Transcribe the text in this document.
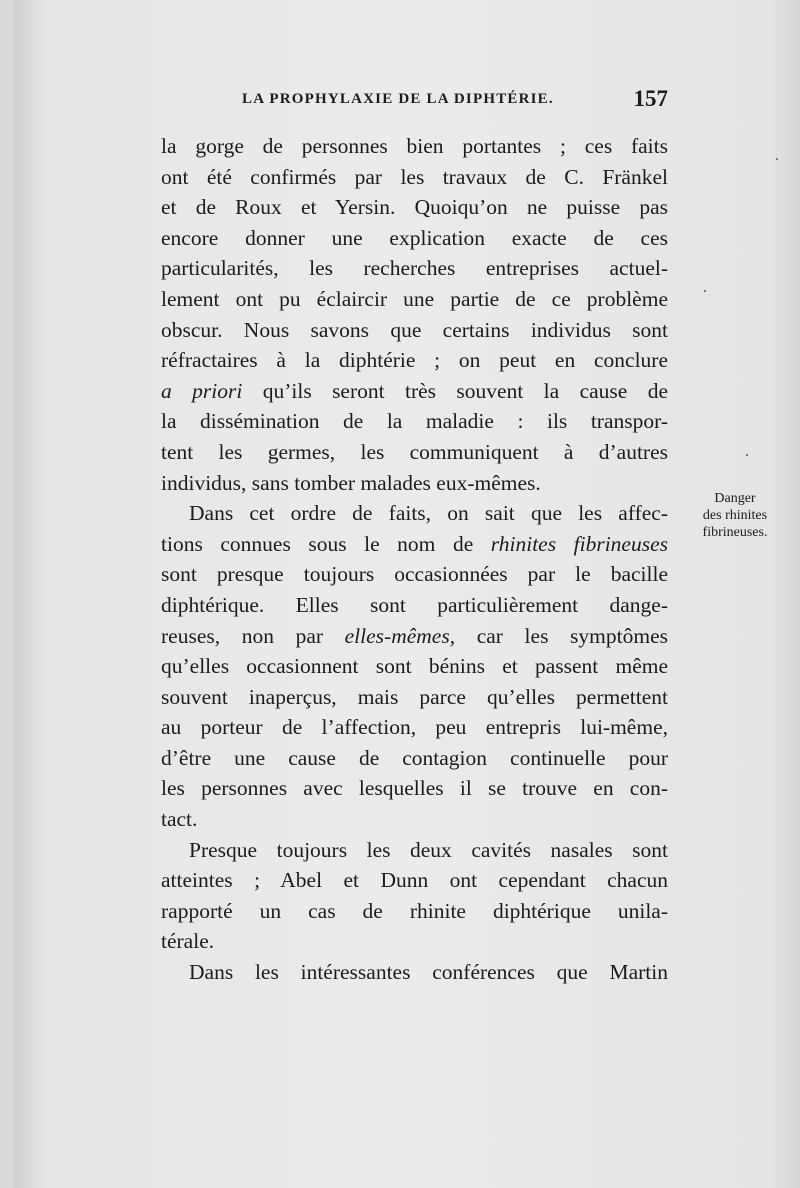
LA PROPHYLAXIE DE LA DIPHTÉRIE.	157
la gorge de personnes bien portantes ; ces faits
ont été confirmés par les travaux de C. Fränkel
et de Roux et Yersin. Quoiqu’on ne puisse pas
encore donner une explication exacte de ces
particularités, les recherches entreprises actuel-
lement ont pu éclaircir une partie de ce problème
obscur. Nous savons que certains individus sont
réfractaires à la diphtérie ; on peut en conclure
a priori qu’ils seront très souvent la cause de
la dissémination de la maladie : ils transpor-
tent les germes, les communiquent à d’autres
individus, sans tomber malades eux-mêmes.
Dans cet ordre de faits, on sait que les affec-
tions connues sous le nom de rhinites fibrineuses
sont presque toujours occasionnées par le bacille
diphtérique. Elles sont particulièrement dange-
reuses, non par elles-mêmes, car les symptômes
qu’elles occasionnent sont bénins et passent même
souvent inaperçus, mais parce qu’elles permettent
au porteur de l’affection, peu entrepris lui-même,
d’être une cause de contagion continuelle pour
les personnes avec lesquelles il se trouve en con-
tact.
Presque toujours les deux cavités nasales sont
atteintes ; Abel et Dunn ont cependant chacun
rapporté un cas de rhinite diphtérique unila-
térale.
Dans les intéressantes conférences que Martin
Danger
des rhinites
fibrineuses.
